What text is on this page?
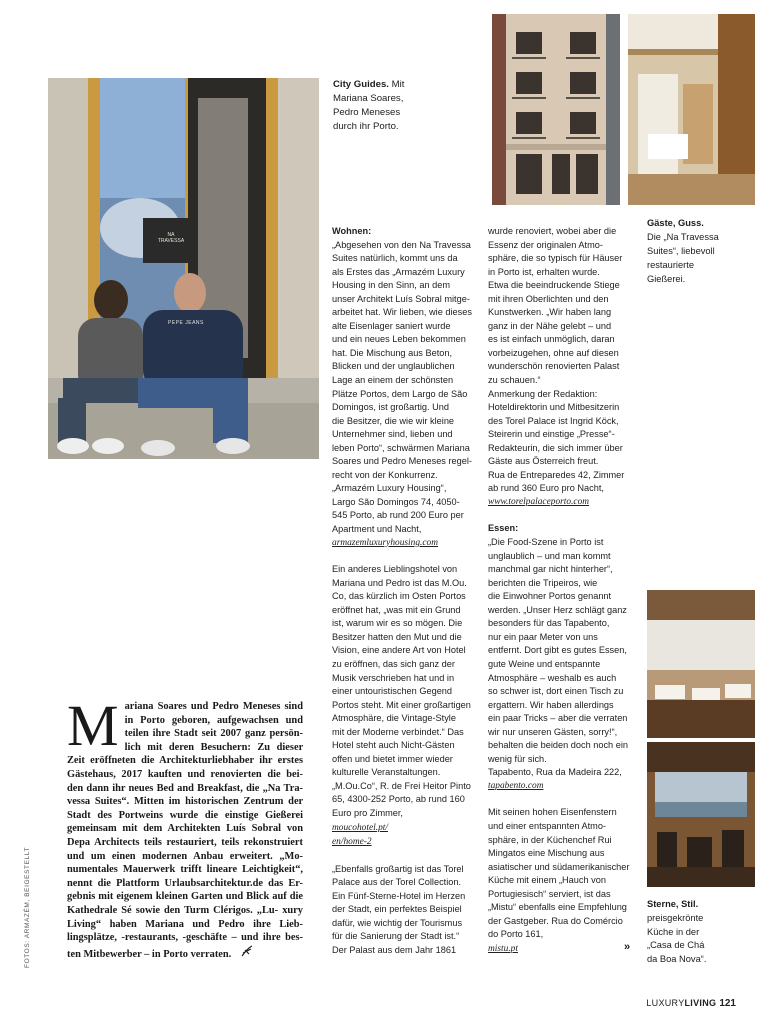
NA TRAVESSA
PEPE JEANS
City Guides. Mit
Mariana Soares,
Pedro Meneses
durch ihr Porto.
Gäste, Guss.
Die „Na Travessa
Suites“, liebevoll
restaurierte
Gießerei.
Sterne, Stil.
preisgekrönte
Küche in der
„Casa de Chá
da Boa Nova“.
M ariana Soares und Pedro Meneses sind in Porto geboren, aufgewachsen und teilen ihre Stadt seit 2007 ganz persön- lich mit deren Besuchern: Zu dieser Zeit eröffneten die Architekturliebhaber ihr erstes Gästehaus, 2017 kauften und renovierten die bei- den dann ihr neues Bed and Breakfast, die „Na Tra- vessa Suites“. Mitten im historischen Zentrum der Stadt des Portweins wurde die einstige Gießerei gemeinsam mit dem Architekten Luís Sobral von Depa Architects teils restauriert, teils rekonstruiert und um einen modernen Anbau erweitert. „Mo- numentales Mauerwerk trifft lineare Leichtigkeit“, nennt die Plattform Urlaubsarchitektur.de das Er- gebnis mit eigenem kleinen Garten und Blick auf die Kathedrale Sé sowie den Turm Clérigos. „Lu- xury Living“ haben Mariana und Pedro ihre Lieb- lingsplätze, -restaurants, -geschäfte – und ihre bes- ten Mitbewerber – in Porto verraten.

Wohnen:

„Abgesehen von den Na Travessa

Suites natürlich, kommt uns da

als Erstes das „Armazém Luxury

Housing in den Sinn, an dem

unser Architekt Luís Sobral mitge-

arbeitet hat. Wir lieben, wie dieses

alte Eisenlager saniert wurde

und ein neues Leben bekommen

hat. Die Mischung aus Beton,

Blicken und der unglaublichen

Lage an einem der schönsten

Plätze Portos, dem Largo de São

Domingos, ist großartig. Und

die Besitzer, die wie wir kleine

Unternehmer sind, lieben und

leben Porto“, schwärmen Mariana

Soares und Pedro Meneses regel-

recht von der Konkurrenz.

„Armazém Luxury Housing“,

Largo São Domingos 74, 4050-

545 Porto, ab rund 200 Euro per

Apartment und Nacht,

armazemluxuryhousing.com

Ein anderes Lieblingshotel von

Mariana und Pedro ist das M.Ou.

Co, das kürzlich im Osten Portos

eröffnet hat, „was mit ein Grund

ist, warum wir es so mögen. Die

Besitzer hatten den Mut und die

Vision, eine andere Art von Hotel

zu eröffnen, das sich ganz der

Musik verschrieben hat und in

einer untouristischen Gegend

Portos steht. Mit einer großartigen

Atmosphäre, die Vintage-Style

mit der Moderne verbindet.“ Das

Hotel steht auch Nicht-Gästen

offen und bietet immer wieder

kulturelle Veranstaltungen.

„M.Ou.Co“, R. de Frei Heitor Pinto

65, 4300-252 Porto, ab rund 160

Euro pro Zimmer,

moucohotel.pt/

en/home-2

„Ebenfalls großartig ist das Torel

Palace aus der Torel Collection.

Ein Fünf-Sterne-Hotel im Herzen

der Stadt, ein perfektes Beispiel

dafür, wie wichtig der Tourismus

für die Sanierung der Stadt ist.“

Der Palast aus dem Jahr 1861

wurde renoviert, wobei aber die

Essenz der originalen Atmo-

sphäre, die so typisch für Häuser

in Porto ist, erhalten wurde.

Etwa die beeindruckende Stiege

mit ihren Oberlichten und den

Kunstwerken. „Wir haben lang

ganz in der Nähe gelebt – und

es ist einfach unmöglich, daran

vorbeizugehen, ohne auf diesen

wunderschön renovierten Palast

zu schauen.“

Anmerkung der Redaktion:

Hoteldirektorin und Mitbesitzerin

des Torel Palace ist Ingrid Köck,

Steirerin und einstige „Presse“-

Redakteurin, die sich immer über

Gäste aus Österreich freut.

Rua de Entreparedes 42, Zimmer

ab rund 360 Euro pro Nacht,

www.torelpalaceporto.com

Essen:

„Die Food-Szene in Porto ist

unglaublich – und man kommt

manchmal gar nicht hinterher“,

berichten die Tripeiros, wie

die Einwohner Portos genannt

werden. „Unser Herz schlägt ganz

besonders für das Tapabento,

nur ein paar Meter von uns

entfernt. Dort gibt es gutes Essen,

gute Weine und entspannte

Atmosphäre – weshalb es auch

so schwer ist, dort einen Tisch zu

ergattern. Wir haben allerdings

ein paar Tricks – aber die verraten

wir nur unseren Gästen, sorry!“,

behalten die beiden doch noch ein

wenig für sich.

Tapabento, Rua da Madeira 222,

tapabento.com

Mit seinen hohen Eisenfenstern

und einer entspannten Atmo-

sphäre, in der Küchenchef Rui

Mingatos eine Mischung aus

asiatischer und südamerikanischer

Küche mit einem „Hauch von

Portugiesisch“ serviert, ist das

„Mistu“ ebenfalls eine Empfehlung

der Gastgeber. Rua do Comércio

do Porto 161,

mistu.pt	»

FOTOS: ARMAZÉM, BEIGESTELLT
LUXURYLIVING 121
